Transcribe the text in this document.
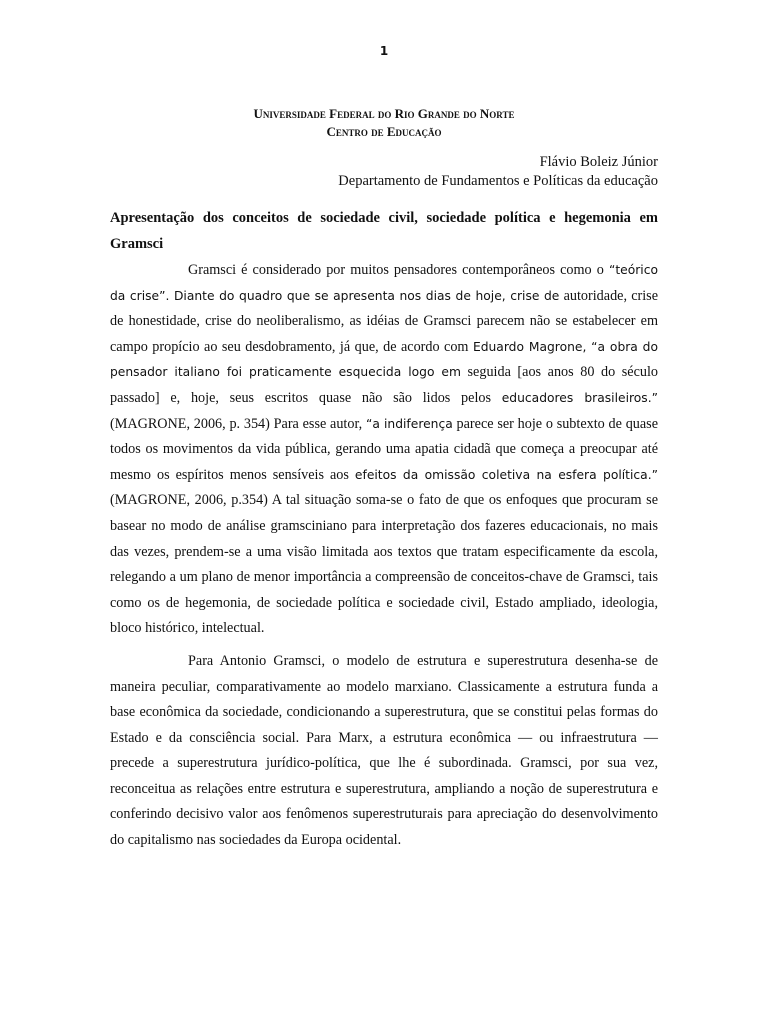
1
Universidade Federal do Rio Grande do Norte
Centro de Educação
Flávio Boleiz Júnior
Departamento de Fundamentos e Políticas da educação
Apresentação dos conceitos de sociedade civil, sociedade política e hegemonia em Gramsci

Gramsci é considerado por muitos pensadores contemporâneos como o “teórico da crise”. Diante do quadro que se apresenta nos dias de hoje, crise de autoridade, crise de honestidade, crise do neoliberalismo, as idéias de Gramsci parecem não se estabelecer em campo propício ao seu desdobramento, já que, de acordo com Eduardo Magrone, “a obra do pensador italiano foi praticamente esquecida logo em seguida [aos anos 80 do século passado] e, hoje, seus escritos quase não são lidos pelos educadores brasileiros.” (MAGRONE, 2006, p. 354) Para esse autor, “a indiferença parece ser hoje o subtexto de quase todos os movimentos da vida pública, gerando uma apatia cidadã que começa a preocupar até mesmo os espíritos menos sensíveis aos efeitos da omissão coletiva na esfera política.” (MAGRONE, 2006, p.354) A tal situação soma-se o fato de que os enfoques que procuram se basear no modo de análise gramsciniano para interpretação dos fazeres educacionais, no mais das vezes, prendem-se a uma visão limitada aos textos que tratam especificamente da escola, relegando a um plano de menor importância a compreensão de conceitos-chave de Gramsci, tais como os de hegemonia, de sociedade política e sociedade civil, Estado ampliado, ideologia, bloco histórico, intelectual.

Para Antonio Gramsci, o modelo de estrutura e superestrutura desenha-se de maneira peculiar, comparativamente ao modelo marxiano. Classicamente a estrutura funda a base econômica da sociedade, condicionando a superestrutura, que se constitui pelas formas do Estado e da consciência social. Para Marx, a estrutura econômica — ou infraestrutura — precede a superestrutura jurídico-política, que lhe é subordinada. Gramsci, por sua vez, reconceitua as relações entre estrutura e superestrutura, ampliando a noção de superestrutura e conferindo decisivo valor aos fenômenos superestruturais para apreciação do desenvolvimento do capitalismo nas sociedades da Europa ocidental.
